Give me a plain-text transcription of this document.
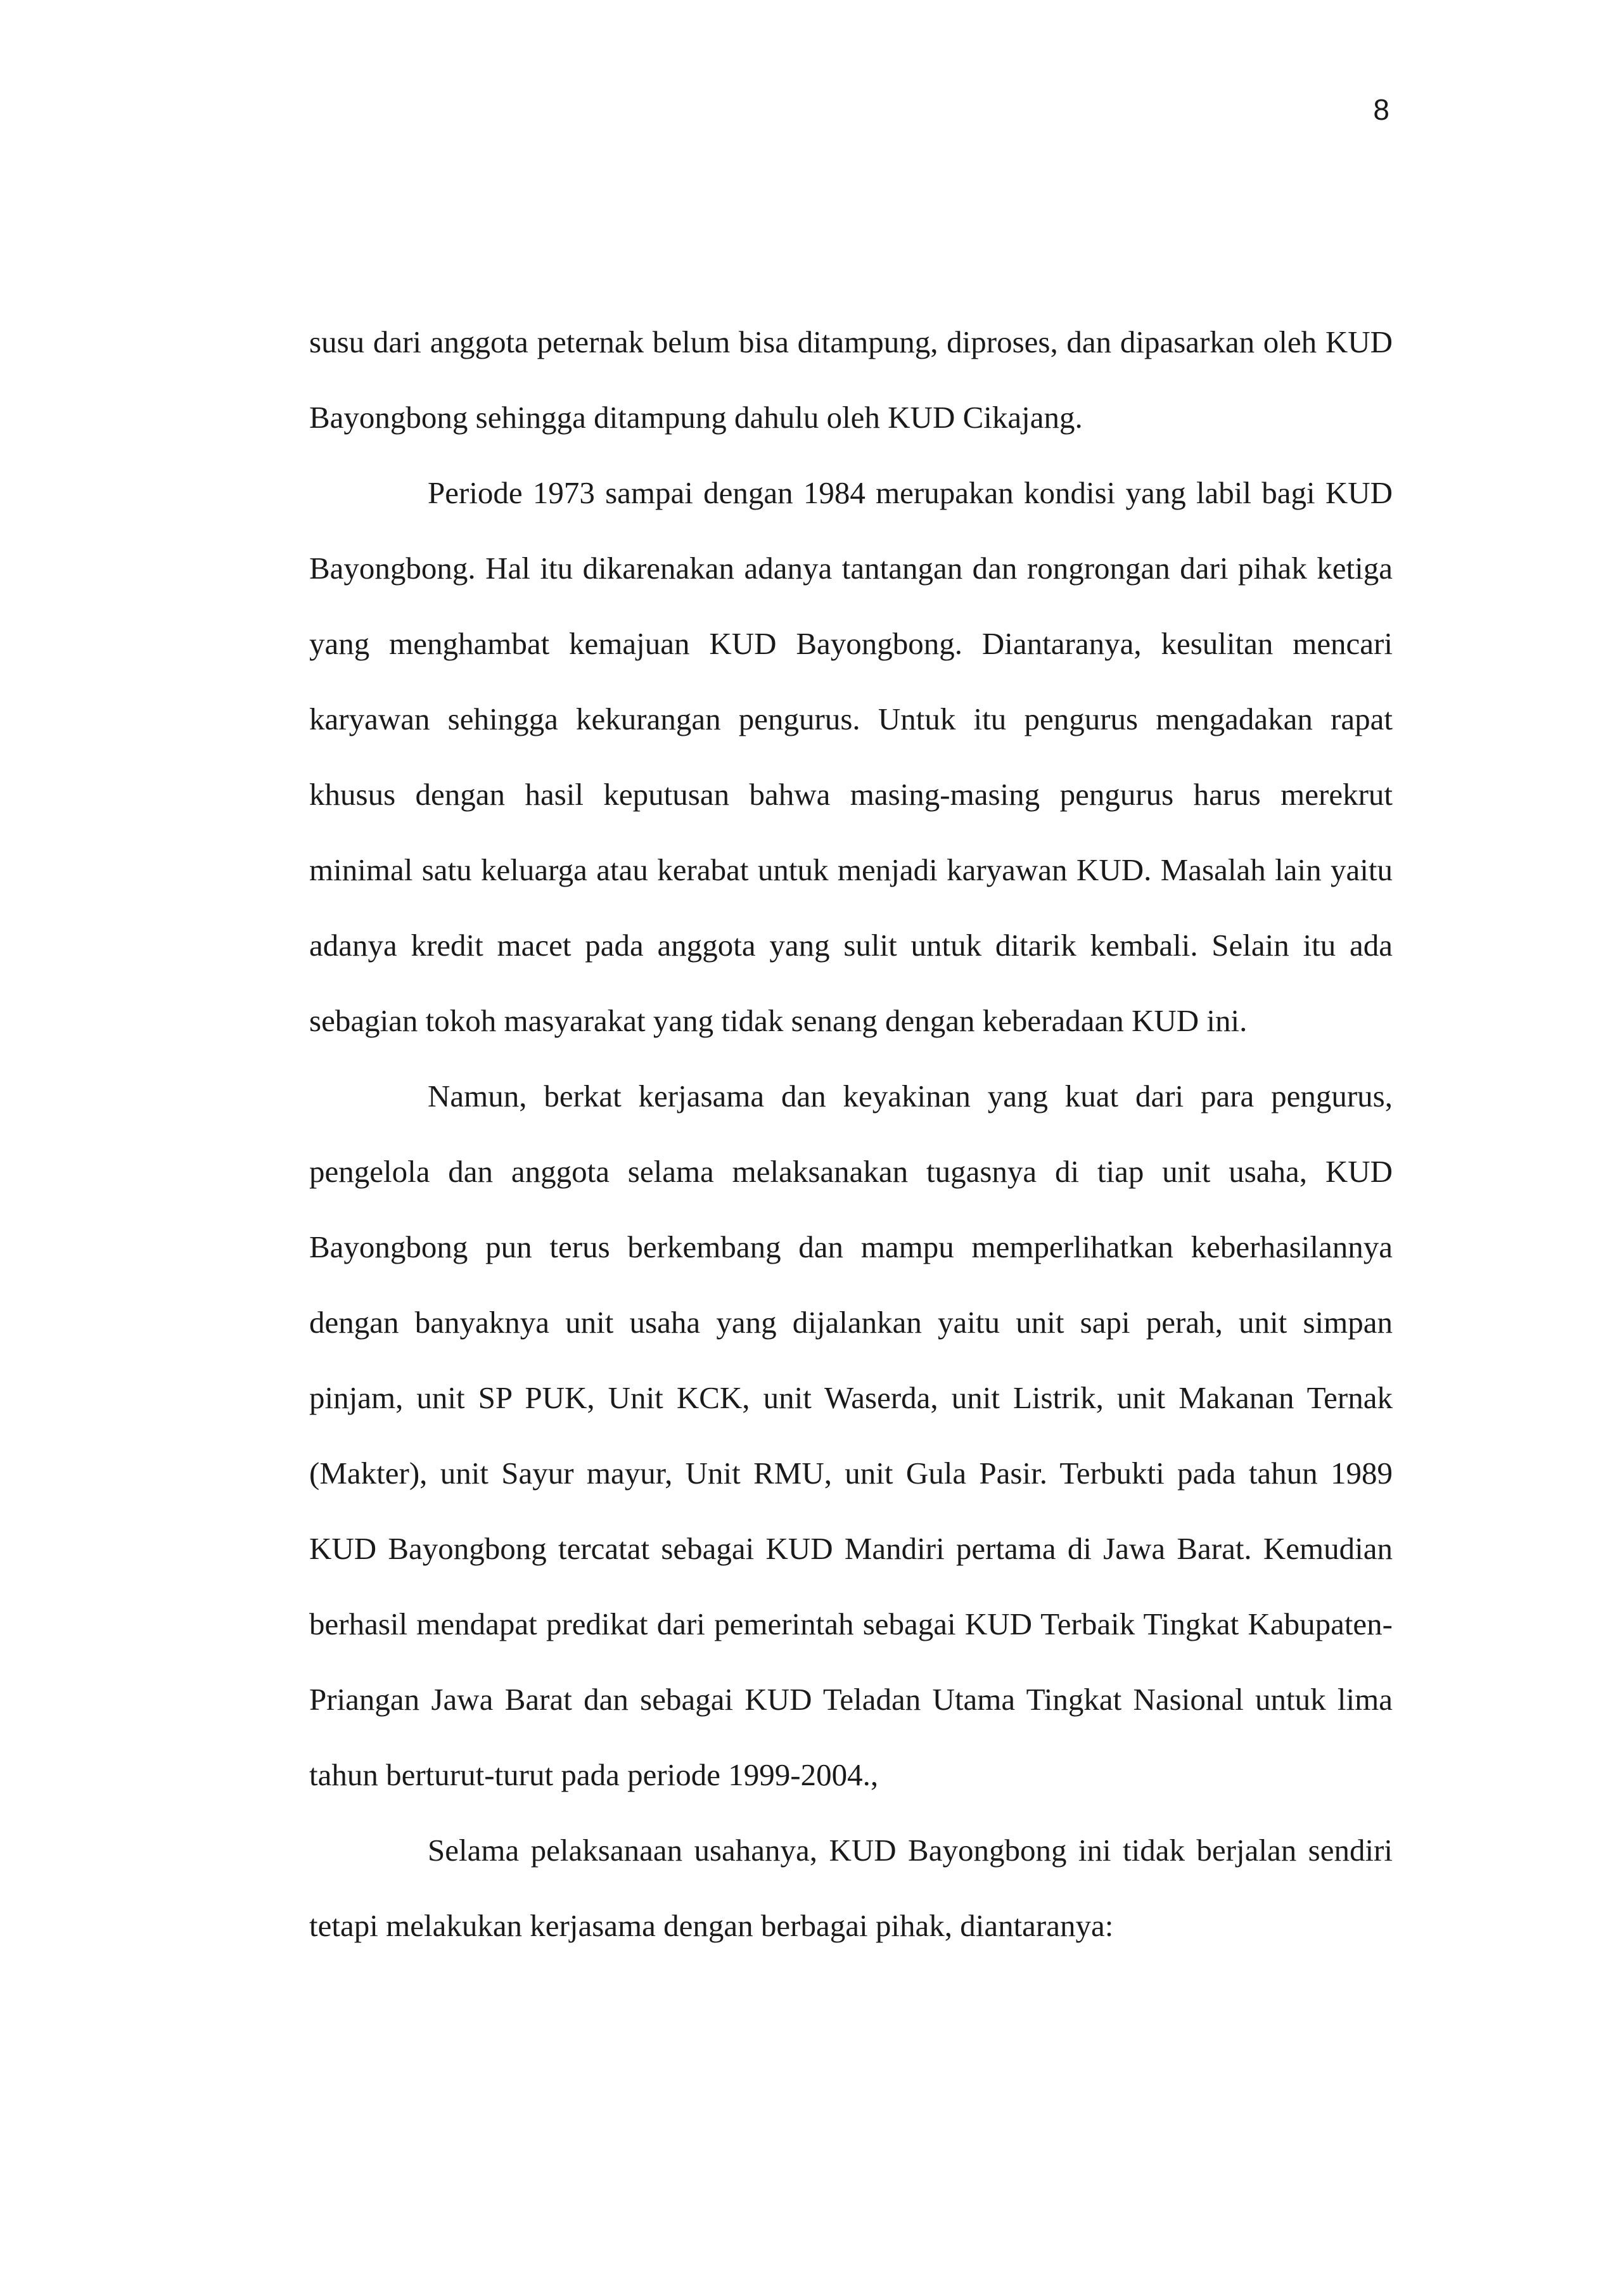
8

susu dari anggota peternak belum bisa ditampung, diproses, dan dipasarkan oleh KUD Bayongbong sehingga ditampung dahulu oleh KUD Cikajang.

Periode 1973 sampai dengan 1984 merupakan kondisi yang labil bagi KUD Bayongbong. Hal itu dikarenakan adanya tantangan dan rongrongan dari pihak ketiga yang menghambat kemajuan KUD Bayongbong. Diantaranya, kesulitan mencari karyawan sehingga kekurangan pengurus. Untuk itu pengurus mengadakan rapat khusus dengan hasil keputusan bahwa masing-masing pengurus harus merekrut minimal satu keluarga atau kerabat untuk menjadi karyawan KUD. Masalah lain yaitu adanya kredit macet pada anggota yang sulit untuk ditarik kembali. Selain itu ada sebagian tokoh masyarakat yang tidak senang dengan keberadaan KUD ini.

Namun, berkat kerjasama dan keyakinan yang kuat dari para pengurus, pengelola dan anggota selama melaksanakan tugasnya di tiap unit usaha, KUD Bayongbong pun terus berkembang dan mampu memperlihatkan keberhasilannya dengan banyaknya unit usaha yang dijalankan yaitu unit sapi perah, unit simpan pinjam, unit SP PUK, Unit KCK, unit Waserda, unit Listrik, unit Makanan Ternak (Makter), unit Sayur mayur, Unit RMU, unit Gula Pasir. Terbukti pada tahun 1989 KUD Bayongbong tercatat sebagai KUD Mandiri pertama di Jawa Barat. Kemudian berhasil mendapat predikat dari pemerintah sebagai KUD Terbaik Tingkat Kabupaten-Priangan Jawa Barat dan sebagai KUD Teladan Utama Tingkat Nasional untuk lima tahun berturut-turut pada periode 1999-2004.,

Selama pelaksanaan usahanya, KUD Bayongbong ini tidak berjalan sendiri tetapi melakukan kerjasama dengan berbagai pihak, diantaranya:
